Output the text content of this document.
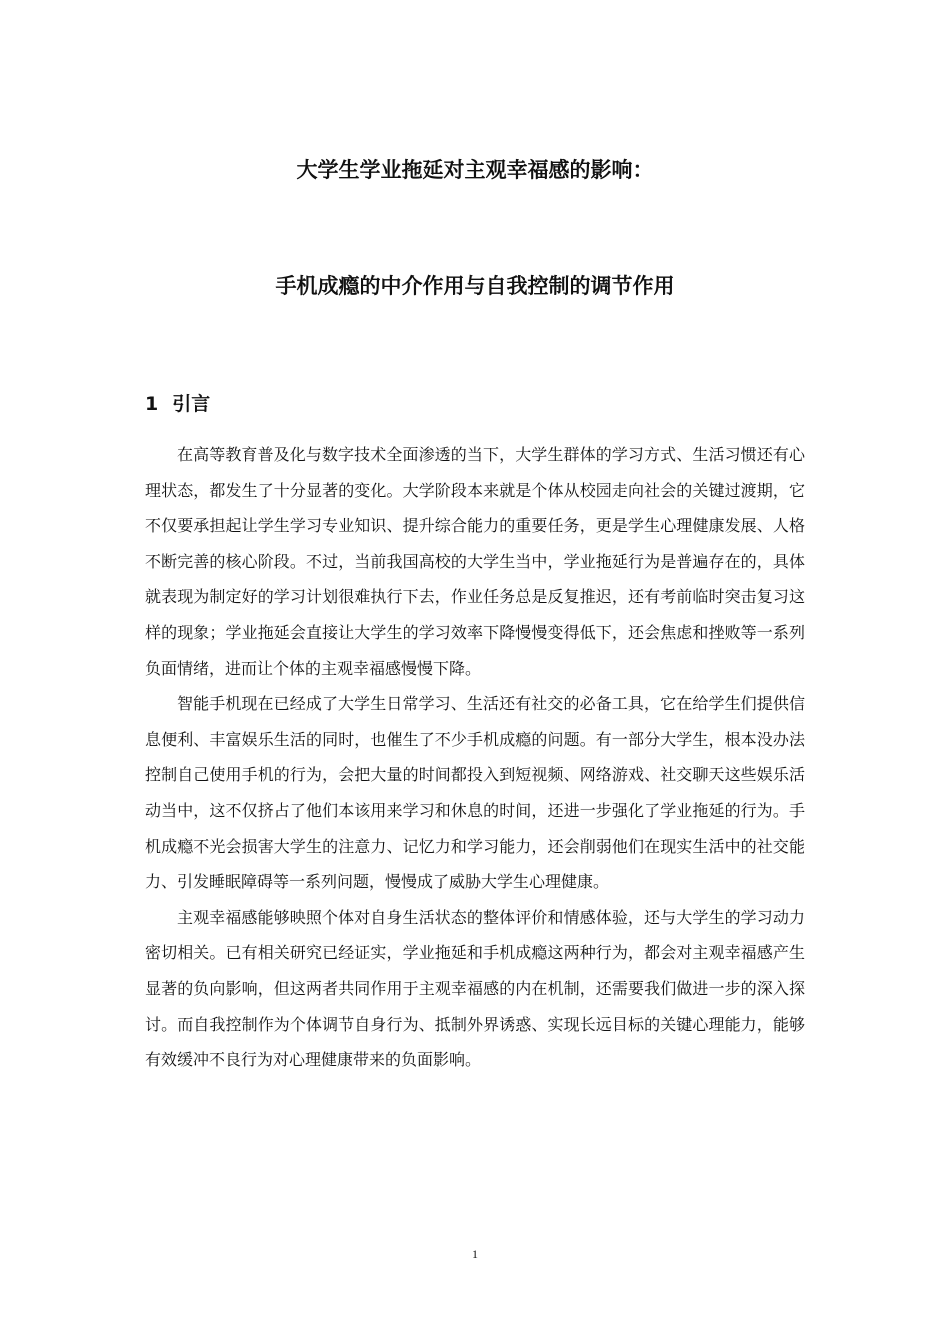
大学生学业拖延对主观幸福感的影响：
手机成瘾的中介作用与自我控制的调节作用
1 引言

在高等教育普及化与数字技术全面渗透的当下，大学生群体的学习方式、生活习惯还有心理状态，都发生了十分显著的变化。大学阶段本来就是个体从校园走向社会的关键过渡期，它不仅要承担起让学生学习专业知识、提升综合能力的重要任务，更是学生心理健康发展、人格不断完善的核心阶段。不过，当前我国高校的大学生当中，学业拖延行为是普遍存在的，具体就表现为制定好的学习计划很难执行下去，作业任务总是反复推迟，还有考前临时突击复习这样的现象；学业拖延会直接让大学生的学习效率下降慢慢变得低下，还会焦虑和挫败等一系列负面情绪，进而让个体的主观幸福感慢慢下降。

智能手机现在已经成了大学生日常学习、生活还有社交的必备工具，它在给学生们提供信息便利、丰富娱乐生活的同时，也催生了不少手机成瘾的问题。有一部分大学生，根本没办法控制自己使用手机的行为，会把大量的时间都投入到短视频、网络游戏、社交聊天这些娱乐活动当中，这不仅挤占了他们本该用来学习和休息的时间，还进一步强化了学业拖延的行为。手机成瘾不光会损害大学生的注意力、记忆力和学习能力，还会削弱他们在现实生活中的社交能力、引发睡眠障碍等一系列问题，慢慢成了威胁大学生心理健康。

主观幸福感能够映照个体对自身生活状态的整体评价和情感体验，还与大学生的学习动力密切相关。已有相关研究已经证实，学业拖延和手机成瘾这两种行为，都会对主观幸福感产生显著的负向影响，但这两者共同作用于主观幸福感的内在机制，还需要我们做进一步的深入探讨。而自我控制作为个体调节自身行为、抵制外界诱惑、实现长远目标的关键心理能力，能够有效缓冲不良行为对心理健康带来的负面影响。

1
